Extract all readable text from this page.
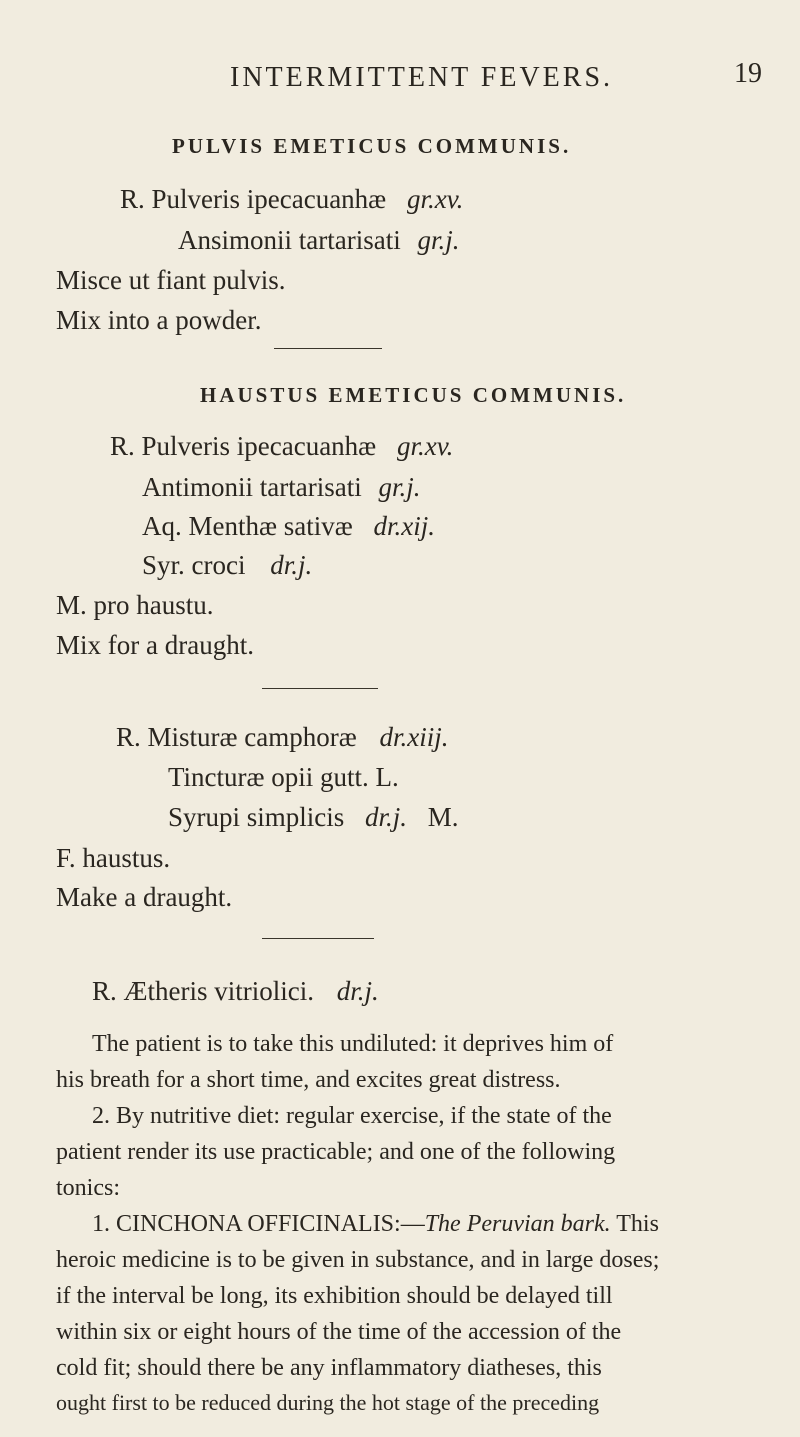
INTERMITTENT FEVERS.	19
PULVIS EMETICUS COMMUNIS.
R. Pulveris ipecacuanhæ gr.xv.
Ansimonii tartarisati gr.j.
Misce ut fiant pulvis.
Mix into a powder.
HAUSTUS EMETICUS COMMUNIS.
R. Pulveris ipecacuanhæ gr.xv.
Antimonii tartarisati gr.j.
Aq. Menthæ sativæ dr.xij.
Syr. croci dr.j.
M. pro haustu.
Mix for a draught.
R. Misturæ camphoræ dr.xiij.
Tincturæ opii gutt. L.
Syrupi simplicis dr.j. M.
F. haustus.
Make a draught.
R. Ætheris vitriolici. dr.j.
The patient is to take this undiluted: it deprives him of
his breath for a short time, and excites great distress.
2. By nutritive diet: regular exercise, if the state of the
patient render its use practicable; and one of the following
tonics:
1. CINCHONA OFFICINALIS:—The Peruvian bark. This
heroic medicine is to be given in substance, and in large doses;
if the interval be long, its exhibition should be delayed till
within six or eight hours of the time of the accession of the
cold fit; should there be any inflammatory diatheses, this
ought first to be reduced during the hot stage of the preceding
